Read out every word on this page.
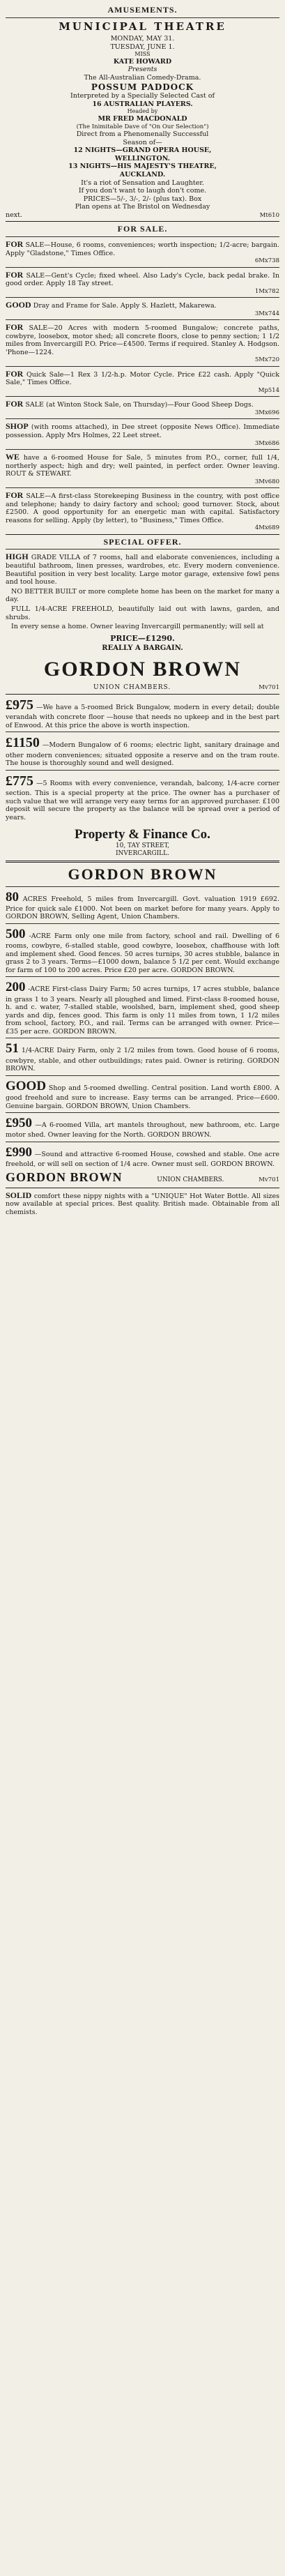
AMUSEMENTS.
MUNICIPAL THEATRE
MONDAY, MAY 31.
TUESDAY, JUNE 1.
MISS
KATE HOWARD
Presents
The All-Australian Comedy-Drama.
POSSUM PADDOCK
Interpreted by a Specially Selected Cast of
16 AUSTRALIAN PLAYERS.
Headed by
MR FRED MACDONALD
(The Inimitable Dave of "On Our Selection")
Direct from a Phenomenally Successful
Season of—
12 NIGHTS—GRAND OPERA HOUSE,
WELLINGTON.
13 NIGHTS—HIS MAJESTY'S THEATRE,
AUCKLAND.
It's a riot of Sensation and Laughter.
If you don't want to laugh don't come.
PRICES—5/-, 3/-, 2/- (plus tax). Box
Plan opens at The Bristol on Wednesday
next.	Mt610
FOR SALE.

FOR SALE—House, 6 rooms, conveniences; worth inspection; 1/2-acre; bargain. Apply "Gladstone," Times Office.
6Mx738

FOR SALE—Gent's Cycle; fixed wheel. Also Lady's Cycle, back pedal brake. In good order. Apply 18 Tay street.
1Mx782

GOOD Dray and Frame for Sale. Apply S. Hazlett, Makarewa.
3Mx744

FOR SALE—20 Acres with modern 5-roomed Bungalow; concrete paths, cowbyre, loosebox, motor shed; all concrete floors, close to penny section; 1 1/2 miles from Invercargill P.O. Price—£4500. Terms if required. Stanley A. Hodgson. 'Phone—1224.
5Mx720

FOR Quick Sale—1 Rex 3 1/2-h.p. Motor Cycle. Price £22 cash. Apply "Quick Sale," Times Office.
Mp514

FOR SALE (at Winton Stock Sale, on Thursday)—Four Good Sheep Dogs.
3Mx696

SHOP (with rooms attached), in Dee street (opposite News Office). Immediate possession. Apply Mrs Holmes, 22 Leet street.
3Mx686

WE have a 6-roomed House for Sale, 5 minutes from P.O., corner, full 1/4, northerly aspect; high and dry; well painted, in perfect order. Owner leaving. ROUT & STEWART.
3Mv680

FOR SALE—A first-class Storekeeping Business in the country, with post office and telephone; handy to dairy factory and school; good turnover. Stock, about £2500. A good opportunity for an energetic man with capital. Satisfactory reasons for selling. Apply (by letter), to "Business," Times Office.
4Mx689

SPECIAL OFFER.

HIGH GRADE VILLA of 7 rooms, hall and elaborate conveniences, including a beautiful bathroom, linen presses, wardrobes, etc. Every modern convenience. Beautiful position in very best locality. Large motor garage, extensive fowl pens and tool house.

NO BETTER BUILT or more complete home has been on the market for many a day.

FULL 1/4-ACRE FREEHOLD, beautifully laid out with lawns, garden, and shrubs.

In every sense a home. Owner leaving Invercargill permanently; will sell at

PRICE—£1290.
REALLY A BARGAIN.
GORDON BROWN
UNION CHAMBERS.	Mv701

£975 —We have a 5-roomed Brick Bungalow, modern in every detail; double verandah with concrete floor —house that needs no upkeep and in the best part of Enwood. At this price the above is worth inspection.

£1150 —Modern Bungalow of 6 rooms; electric light, sanitary drainage and other modern conveniences; situated opposite a reserve and on the tram route. The house is thoroughly sound and well designed.

£775 —5 Rooms with every convenience, verandah, balcony, 1/4-acre corner section. This is a special property at the price. The owner has a purchaser of such value that we will arrange very easy terms for an approved purchaser. £100 deposit will secure the property as the balance will be spread over a period of years.

Property & Finance Co.
10, TAY STREET,
INVERCARGILL.
GORDON BROWN

80 ACRES Freehold, 5 miles from Invercargill. Govt. valuation 1919 £692. Price for quick sale £1000. Not been on market before for many years. Apply to GORDON BROWN, Selling Agent, Union Chambers.

500 -ACRE Farm only one mile from factory, school and rail. Dwelling of 6 rooms, cowbyre, 6-stalled stable, good cowbyre, loosebox, chaffhouse with loft and implement shed. Good fences. 50 acres turnips, 30 acres stubble, balance in grass 2 to 3 years. Terms—£1000 down, balance 5 1/2 per cent. Would exchange for farm of 100 to 200 acres. Price £20 per acre. GORDON BROWN.

200 -ACRE First-class Dairy Farm; 50 acres turnips, 17 acres stubble, balance in grass 1 to 3 years. Nearly all ploughed and limed. First-class 8-roomed house, h. and c. water, 7-stalled stable, woolshed, barn, implement shed, good sheep yards and dip, fences good. This farm is only 11 miles from town, 1 1/2 miles from school, factory, P.O., and rail. Terms can be arranged with owner. Price—£35 per acre. GORDON BROWN.

51 1/4-ACRE Dairy Farm, only 2 1/2 miles from town. Good house of 6 rooms, cowbyre, stable, and other outbuildings; rates paid. Owner is retiring. GORDON BROWN.

GOOD Shop and 5-roomed dwelling. Central position. Land worth £800. A good freehold and sure to increase. Easy terms can be arranged. Price—£600. Genuine bargain. GORDON BROWN, Union Chambers.

£950 —A 6-roomed Villa, art mantels throughout, new bathroom, etc. Large motor shed. Owner leaving for the North. GORDON BROWN.

£990 —Sound and attractive 6-roomed House, cowshed and stable. One acre freehold, or will sell on section of 1/4 acre. Owner must sell. GORDON BROWN.

GORDON BROWN	UNION CHAMBERS.	Mv701

SOLID comfort these nippy nights with a "UNIQUE" Hot Water Bottle. All sizes now available at special prices. Best quality. British made. Obtainable from all chemists.
